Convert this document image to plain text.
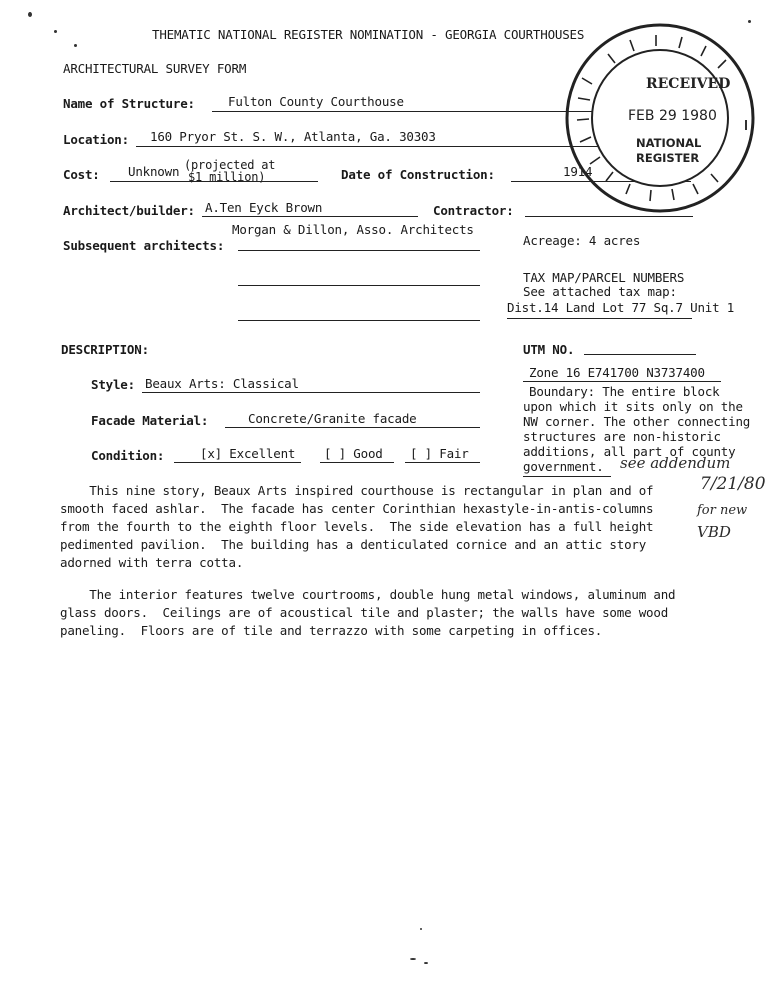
THEMATIC NATIONAL REGISTER NOMINATION - GEORGIA COURTHOUSES
ARCHITECTURAL SURVEY FORM
Name of Structure:	Fulton County Courthouse
Location: 160 Pryor St. S. W., Atlanta, Ga. 30303
Cost: Unknown (projected at
$1 million)	Date of Construction:	1914
Architect/builder: A.Ten Eyck Brown	Contractor:
Morgan & Dillon, Asso. Architects
Subsequent architects:	Acreage: 4 acres
TAX MAP/PARCEL NUMBERS
See attached tax map:
Dist.14 Land Lot 77 Sq.7 Unit 1
DESCRIPTION:
Style: Beaux Arts: Classical
Facade Material:	Concrete/Granite facade
Condition:	[x] Excellent [ ] Good [ ] Fair
UTM NO.
Zone 16 E741700 N3737400
Boundary: The entire block
upon which it sits only on the
NW corner. The other connecting
structures are non-historic
additions, all part of county
government. see addendum
7/21/80
for new
VBD
This nine story, Beaux Arts inspired courthouse is rectangular in plan and of
smooth faced ashlar.  The facade has center Corinthian hexastyle-in-antis-columns
from the fourth to the eighth floor levels.  The side elevation has a full height
pedimented pavilion.  The building has a denticulated cornice and an attic story
adorned with terra cotta.
The interior features twelve courtrooms, double hung metal windows, aluminum and
glass doors.  Ceilings are of acoustical tile and plaster; the walls have some wood
paneling.  Floors are of tile and terrazzo with some carpeting in offices.
RECEIVED
FEB 29 1980
NATIONAL
REGISTER
